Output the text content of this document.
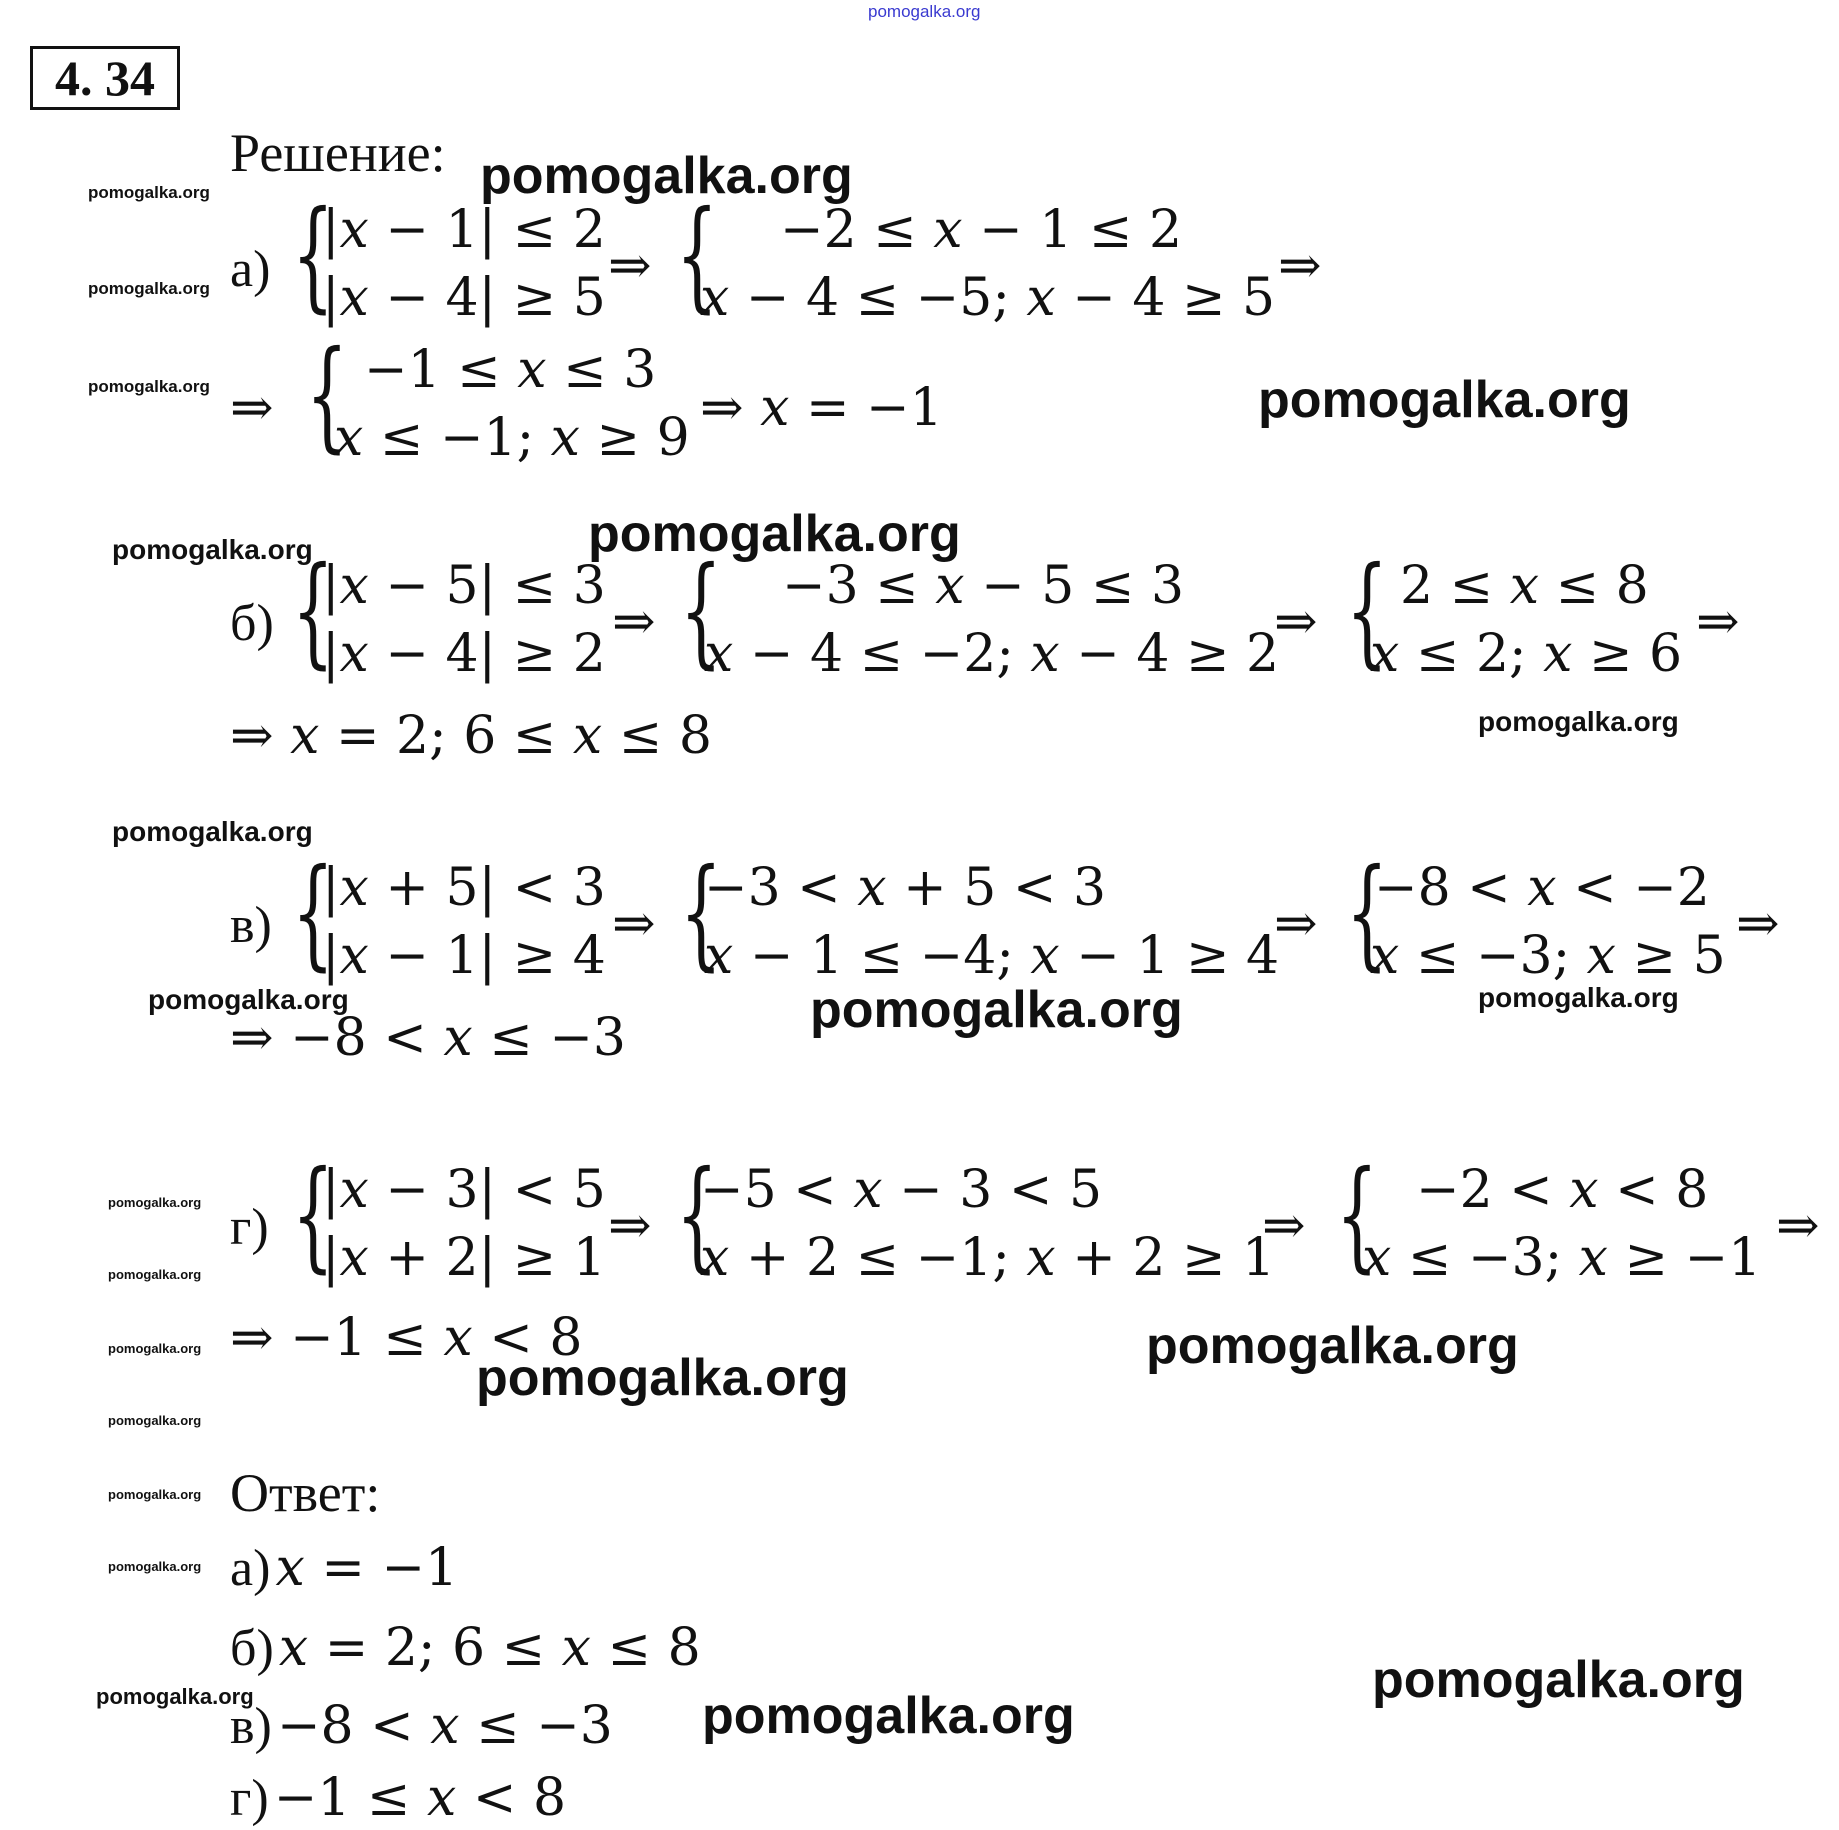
pomogalka.org
4. 34
Решение:
а) {
|𝑥 − 1| ≤ 2
|𝑥 − 4| ≥ 5
⇒ { −2 ≤ 𝑥 − 1 ≤ 2
𝑥 − 4 ≤ −5; 𝑥 − 4 ≥ 5
⇒
⇒ { −1 ≤ 𝑥 ≤ 3
𝑥 ≤ −1; 𝑥 ≥ 9 ⇒ 𝑥 = −1
б) {
|𝑥 − 5| ≤ 3
|𝑥 − 4| ≥ 2
⇒ { −3 ≤ 𝑥 − 5 ≤ 3
𝑥 − 4 ≤ −2; 𝑥 − 4 ≥ 2
⇒ { 2 ≤ 𝑥 ≤ 8
𝑥 ≤ 2; 𝑥 ≥ 6
⇒
⇒ 𝑥 = 2; 6 ≤ 𝑥 ≤ 8
в) {
|𝑥 + 5| < 3
|𝑥 − 1| ≥ 4
⇒ {
−3 < 𝑥 + 5 < 3
𝑥 − 1 ≤ −4; 𝑥 − 1 ≥ 4
⇒ {
−8 < 𝑥 < −2
𝑥 ≤ −3; 𝑥 ≥ 5
⇒
⇒ −8 < 𝑥 ≤ −3
г) {
|𝑥 − 3| < 5
|𝑥 + 2| ≥ 1
⇒ {
−5 < 𝑥 − 3 < 5
𝑥 + 2 ≤ −1; 𝑥 + 2 ≥ 1
⇒ { −2 < 𝑥 < 8
𝑥 ≤ −3; 𝑥 ≥ −1
⇒
⇒ −1 ≤ 𝑥 < 8
Ответ:
а) 𝑥 = −1
б) 𝑥 = 2; 6 ≤ 𝑥 ≤ 8
в) −8 < 𝑥 ≤ −3
г) −1 ≤ 𝑥 < 8
pomogalka.org
pomogalka.org
pomogalka.org
pomogalka.org
pomogalka.org
pomogalka.org
pomogalka.org
pomogalka.org
pomogalka.org
pomogalka.org
pomogalka.org
pomogalka.org	pomogalka.org
pomogalka.org
pomogalka.org
pomogalka.org
pomogalka.org
pomogalka.org
pomogalka.org
pomogalka.org
pomogalka.org
pomogalka.org
pomogalka.org
